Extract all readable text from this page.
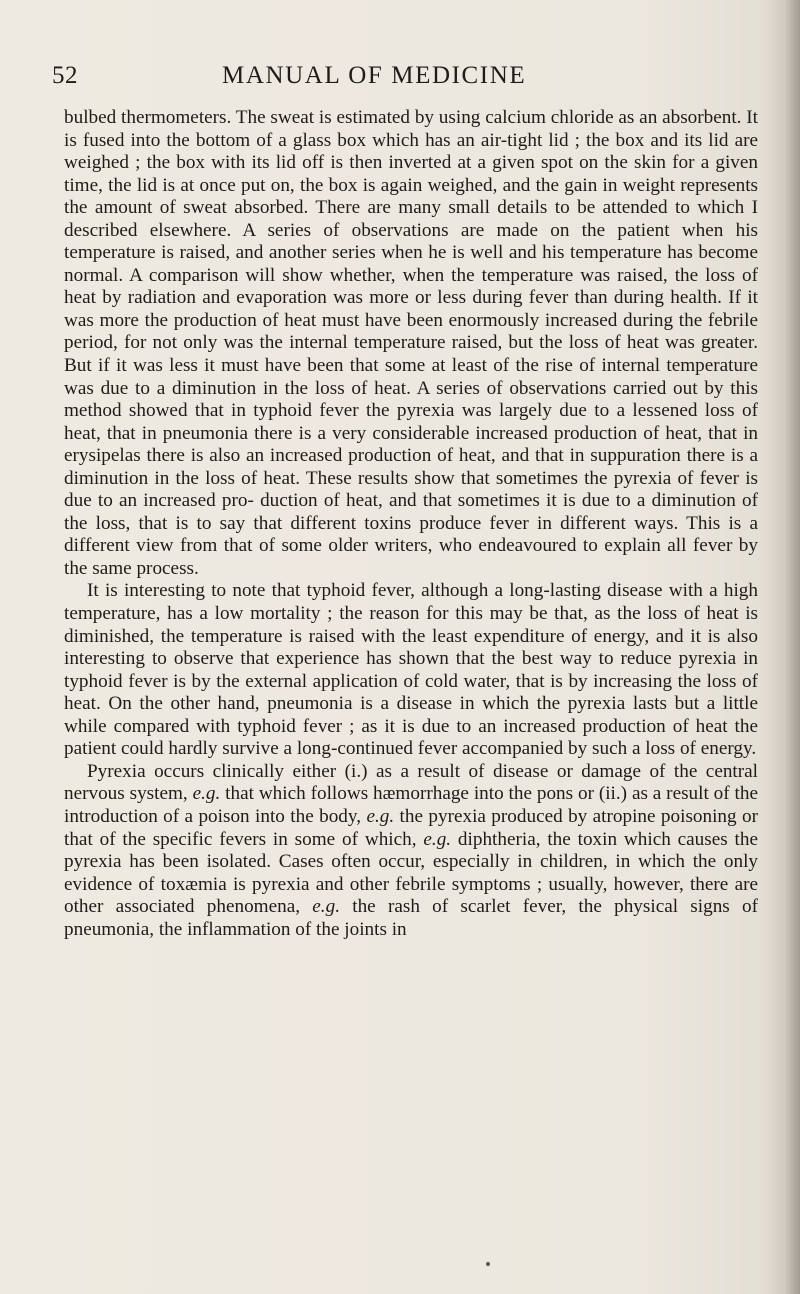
52	MANUAL OF MEDICINE

bulbed thermometers. The sweat is estimated by using calcium chloride as an absorbent. It is fused into the bottom of a glass box which has an air-tight lid ; the box and its lid are weighed ; the box with its lid off is then inverted at a given spot on the skin for a given time, the lid is at once put on, the box is again weighed, and the gain in weight represents the amount of sweat absorbed. There are many small details to be attended to which I described elsewhere. A series of observations are made on the patient when his temperature is raised, and another series when he is well and his temperature has become normal. A comparison will show whether, when the temperature was raised, the loss of heat by radiation and evaporation was more or less during fever than during health. If it was more the production of heat must have been enormously increased during the febrile period, for not only was the internal temperature raised, but the loss of heat was greater. But if it was less it must have been that some at least of the rise of internal temperature was due to a diminution in the loss of heat. A series of observations carried out by this method showed that in typhoid fever the pyrexia was largely due to a lessened loss of heat, that in pneumonia there is a very considerable increased production of heat, that in erysipelas there is also an increased production of heat, and that in suppuration there is a diminution in the loss of heat. These results show that sometimes the pyrexia of fever is due to an increased pro- duction of heat, and that sometimes it is due to a diminution of the loss, that is to say that different toxins produce fever in different ways. This is a different view from that of some older writers, who endeavoured to explain all fever by the same process.

It is interesting to note that typhoid fever, although a long-lasting disease with a high temperature, has a low mortality ; the reason for this may be that, as the loss of heat is diminished, the temperature is raised with the least expenditure of energy, and it is also interesting to observe that experience has shown that the best way to reduce pyrexia in typhoid fever is by the external application of cold water, that is by increasing the loss of heat. On the other hand, pneumonia is a disease in which the pyrexia lasts but a little while compared with typhoid fever ; as it is due to an increased production of heat the patient could hardly survive a long-continued fever accompanied by such a loss of energy.

Pyrexia occurs clinically either (i.) as a result of disease or damage of the central nervous system, e.g. that which follows hæmorrhage into the pons or (ii.) as a result of the introduction of a poison into the body, e.g. the pyrexia produced by atropine poisoning or that of the specific fevers in some of which, e.g. diphtheria, the toxin which causes the pyrexia has been isolated. Cases often occur, especially in children, in which the only evidence of toxæmia is pyrexia and other febrile symptoms ; usually, however, there are other associated phenomena, e.g. the rash of scarlet fever, the physical signs of pneumonia, the inflammation of the joints in
